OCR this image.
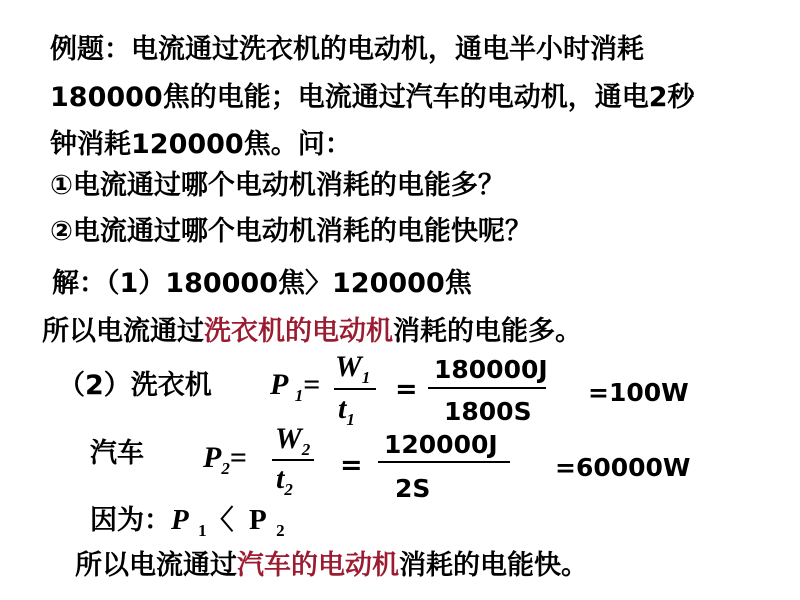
例题：电流通过洗衣机的电动机，通电半小时消耗
180000焦的电能；电流通过汽车的电动机，通电2秒
钟消耗120000焦。问：
①电流通过哪个电动机消耗的电能多？
②电流通过哪个电动机消耗的电能快呢？
解：（1）180000焦〉120000焦
所以电流通过洗衣机的电动机消耗的电能多。
（2）洗衣机 P $_1$=
$W_1$
$t_1$
=
180000J
1800S
=100W
汽车 $P_2=$
$W_2$
$t_2$
=
120000J
2S
=60000W
因为：P $_1$〈 P $_2$
所以电流通过汽车的电动机消耗的电能快。
